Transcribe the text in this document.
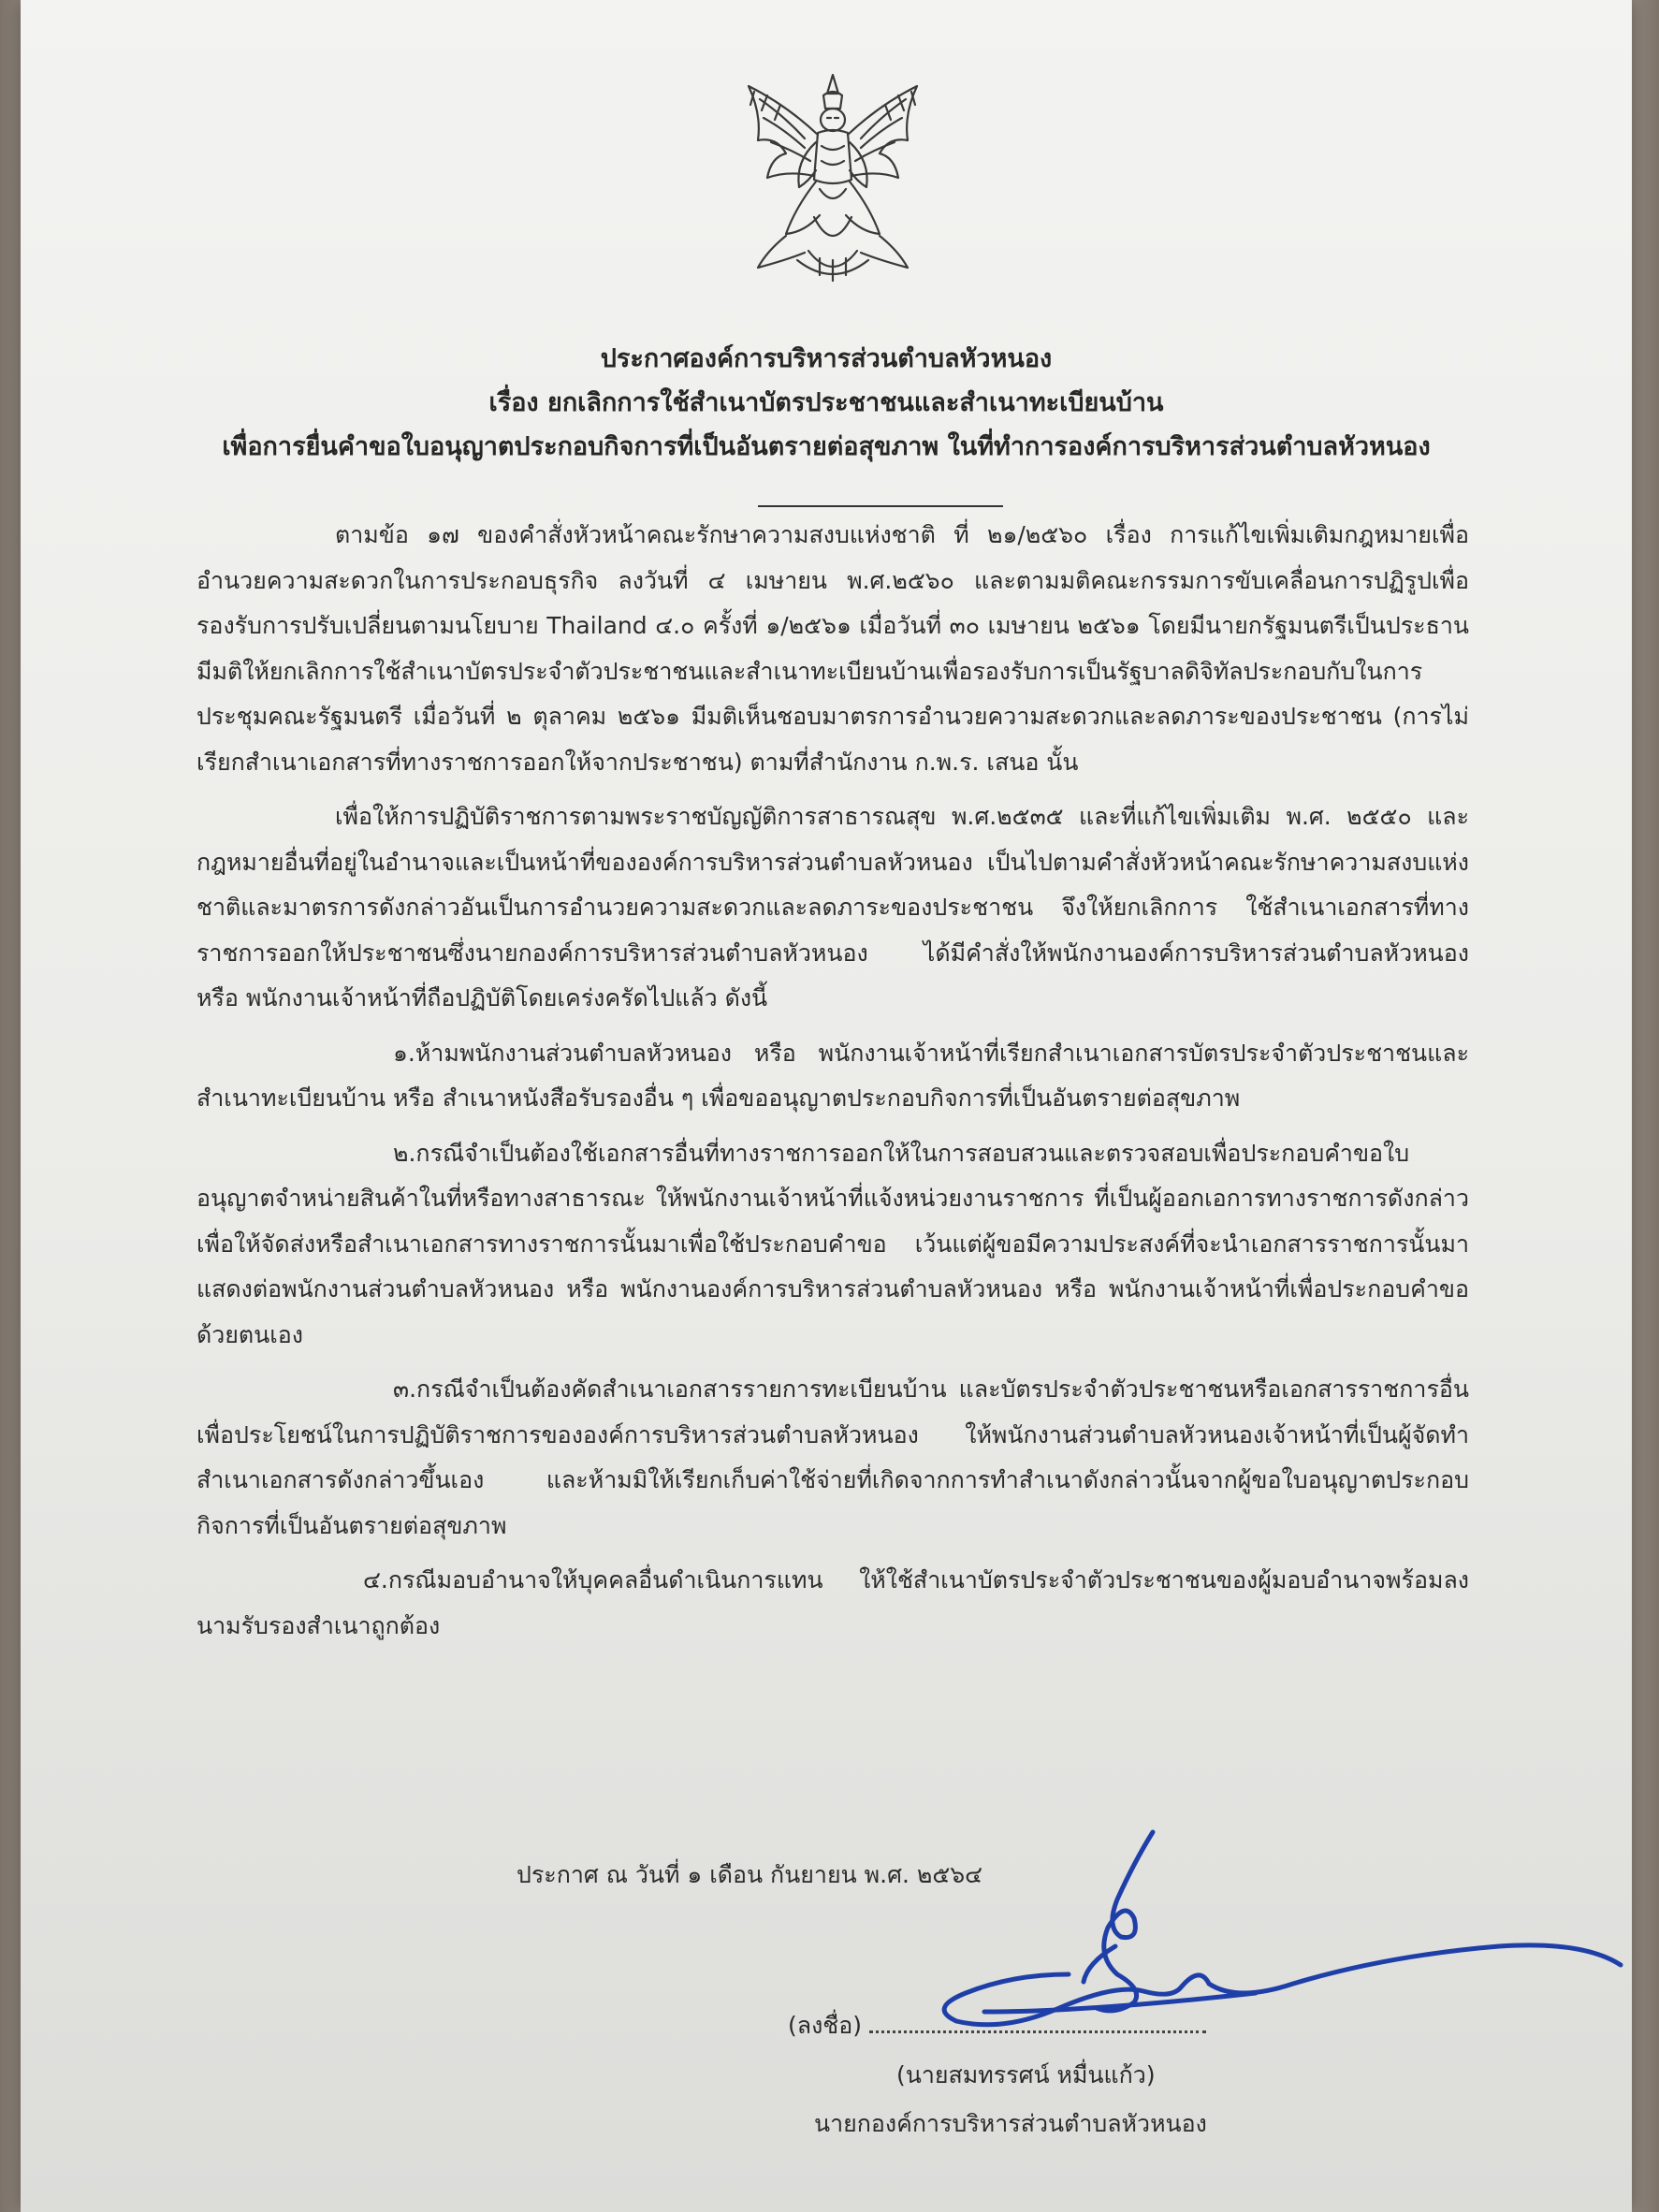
ประกาศองค์การบริหารส่วนตำบลหัวหนอง
เรื่อง ยกเลิกการใช้สำเนาบัตรประชาชนและสำเนาทะเบียนบ้าน
เพื่อการยื่นคำขอใบอนุญาตประกอบกิจการที่เป็นอันตรายต่อสุขภาพ ในที่ทำการองค์การบริหารส่วนตำบลหัวหนอง

ตามข้อ ๑๗ ของคำสั่งหัวหน้าคณะรักษาความสงบแห่งชาติ ที่ ๒๑/๒๕๖๐ เรื่อง การแก้ไขเพิ่มเติมกฎหมายเพื่ออำนวยความสะดวกในการประกอบธุรกิจ ลงวันที่ ๔ เมษายน พ.ศ.๒๕๖๐ และตามมติคณะกรรมการขับเคลื่อนการปฏิรูปเพื่อรองรับการปรับเปลี่ยนตามนโยบาย Thailand ๔.๐ ครั้งที่ ๑/๒๕๖๑ เมื่อวันที่ ๓๐ เมษายน ๒๕๖๑ โดยมีนายกรัฐมนตรีเป็นประธาน มีมติให้ยกเลิกการใช้สำเนาบัตรประจำตัวประชาชนและสำเนาทะเบียนบ้านเพื่อรองรับการเป็นรัฐบาลดิจิทัลประกอบกับในการประชุมคณะรัฐมนตรี เมื่อวันที่ ๒ ตุลาคม ๒๕๖๑ มีมติเห็นชอบมาตรการอำนวยความสะดวกและลดภาระของประชาชน (การไม่เรียกสำเนาเอกสารที่ทางราชการออกให้จากประชาชน) ตามที่สำนักงาน ก.พ.ร. เสนอ นั้น

เพื่อให้การปฏิบัติราชการตามพระราชบัญญัติการสาธารณสุข พ.ศ.๒๕๓๕ และที่แก้ไขเพิ่มเติม พ.ศ. ๒๕๕๐ และกฎหมายอื่นที่อยู่ในอำนาจและเป็นหน้าที่ขององค์การบริหารส่วนตำบลหัวหนอง เป็นไปตามคำสั่งหัวหน้าคณะรักษาความสงบแห่งชาติและมาตรการดังกล่าวอันเป็นการอำนวยความสะดวกและลดภาระของประชาชน จึงให้ยกเลิกการ ใช้สำเนาเอกสารที่ทางราชการออกให้ประชาชนซึ่งนายกองค์การบริหารส่วนตำบลหัวหนอง ได้มีคำสั่งให้พนักงานองค์การบริหารส่วนตำบลหัวหนอง หรือ พนักงานเจ้าหน้าที่ถือปฏิบัติโดยเคร่งครัดไปแล้ว ดังนี้

๑.ห้ามพนักงานส่วนตำบลหัวหนอง หรือ พนักงานเจ้าหน้าที่เรียกสำเนาเอกสารบัตรประจำตัวประชาชนและสำเนาทะเบียนบ้าน หรือ สำเนาหนังสือรับรองอื่น ๆ เพื่อขออนุญาตประกอบกิจการที่เป็นอันตรายต่อสุขภาพ

๒.กรณีจำเป็นต้องใช้เอกสารอื่นที่ทางราชการออกให้ในการสอบสวนและตรวจสอบเพื่อประกอบคำขอใบอนุญาตจำหน่ายสินค้าในที่หรือทางสาธารณะ ให้พนักงานเจ้าหน้าที่แจ้งหน่วยงานราชการ ที่เป็นผู้ออกเอการทางราชการดังกล่าว เพื่อให้จัดส่งหรือสำเนาเอกสารทางราชการนั้นมาเพื่อใช้ประกอบคำขอ เว้นแต่ผู้ขอมีความประสงค์ที่จะนำเอกสารราชการนั้นมาแสดงต่อพนักงานส่วนตำบลหัวหนอง หรือ พนักงานองค์การบริหารส่วนตำบลหัวหนอง หรือ พนักงานเจ้าหน้าที่เพื่อประกอบคำขอด้วยตนเอง

๓.กรณีจำเป็นต้องคัดสำเนาเอกสารรายการทะเบียนบ้าน และบัตรประจำตัวประชาชนหรือเอกสารราชการอื่นเพื่อประโยชน์ในการปฏิบัติราชการขององค์การบริหารส่วนตำบลหัวหนอง ให้พนักงานส่วนตำบลหัวหนองเจ้าหน้าที่เป็นผู้จัดทำสำเนาเอกสารดังกล่าวขึ้นเอง และห้ามมิให้เรียกเก็บค่าใช้จ่ายที่เกิดจากการทำสำเนาดังกล่าวนั้นจากผู้ขอใบอนุญาตประกอบกิจการที่เป็นอันตรายต่อสุขภาพ

๔.กรณีมอบอำนาจให้บุคคลอื่นดำเนินการแทน ให้ใช้สำเนาบัตรประจำตัวประชาชนของผู้มอบอำนาจพร้อมลงนามรับรองสำเนาถูกต้อง

ประกาศ ณ วันที่ ๑ เดือน กันยายน พ.ศ. ๒๕๖๔
(ลงชื่อ)
(นายสมทรรศน์ หมื่นแก้ว)
นายกองค์การบริหารส่วนตำบลหัวหนอง
